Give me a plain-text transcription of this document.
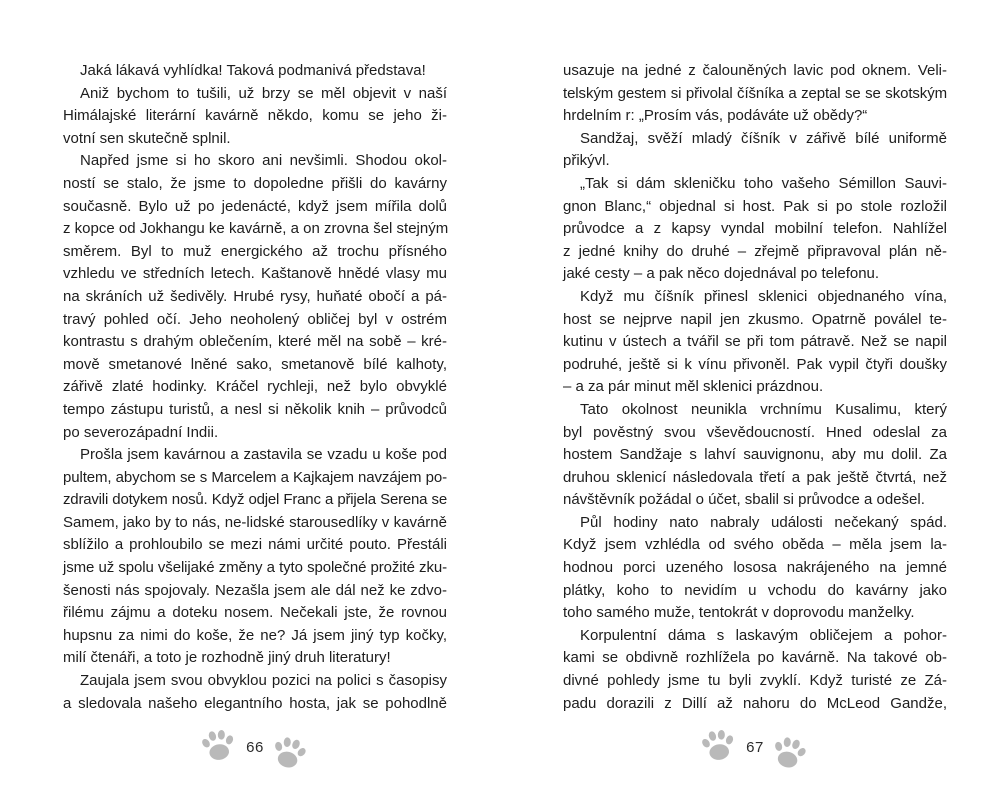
Jaká lákavá vyhlídka! Taková podmanivá představa!
Aniž bychom to tušili, už brzy se měl objevit v naší
Himálajské literární kavárně někdo, komu se jeho ži-
votní sen skutečně splnil.
Napřed jsme si ho skoro ani nevšimli. Shodou okol-
ností se stalo, že jsme to dopoledne přišli do kavárny
současně. Bylo už po jedenácté, když jsem mířila dolů
z kopce od Jokhangu ke kavárně, a on zrovna šel stejným
směrem. Byl to muž energického až trochu přísného
vzhledu ve středních letech. Kaštanově hnědé vlasy mu
na skráních už šedivěly. Hrubé rysy, huňaté obočí a pá-
travý pohled očí. Jeho neoholený obličej byl v ostrém
kontrastu s drahým oblečením, které měl na sobě – kré-
mově smetanové lněné sako, smetanově bílé kalhoty,
zářivě zlaté hodinky. Kráčel rychleji, než bylo obvyklé
tempo zástupu turistů, a nesl si několik knih – průvodců
po severozápadní Indii.
Prošla jsem kavárnou a zastavila se vzadu u koše pod
pultem, abychom se s Marcelem a Kajkajem navzájem po-
zdravili dotykem nosů. Když odjel Franc a přijela Serena se
Samem, jako by to nás, ne-lidské starousedlíky v kavárně
sblížilo a prohloubilo se mezi námi určité pouto. Přestáli
jsme už spolu všelijaké změny a tyto společné prožité zku-
šenosti nás spojovaly. Nezašla jsem ale dál než ke zdvo-
řilému zájmu a doteku nosem. Nečekali jste, že rovnou
hupsnu za nimi do koše, že ne? Já jsem jiný typ kočky,
milí čtenáři, a toto je rozhodně jiný druh literatury!
Zaujala jsem svou obvyklou pozici na polici s časopisy
a sledovala našeho elegantního hosta, jak se pohodlně
66
usazuje na jedné z čalouněných lavic pod oknem. Veli-
telským gestem si přivolal číšníka a zeptal se se skotským
hrdelním r: „Prosím vás, podáváte už obědy?“
Sandžaj, svěží mladý číšník v zářivě bílé uniformě
přikývl.
„Tak si dám skleničku toho vašeho Sémillon Sauvi-
gnon Blanc,“ objednal si host. Pak si po stole rozložil
průvodce a z kapsy vyndal mobilní telefon. Nahlížel
z jedné knihy do druhé – zřejmě připravoval plán ně-
jaké cesty – a pak něco dojednával po telefonu.
Když mu číšník přinesl sklenici objednaného vína,
host se nejprve napil jen zkusmo. Opatrně poválel te-
kutinu v ústech a tvářil se při tom pátravě. Než se napil
podruhé, ještě si k vínu přivoněl. Pak vypil čtyři doušky
– a za pár minut měl sklenici prázdnou.
Tato okolnost neunikla vrchnímu Kusalimu, který
byl pověstný svou vševědoucností. Hned odeslal za
hostem Sandžaje s lahví sauvignonu, aby mu dolil. Za
druhou sklenicí následovala třetí a pak ještě čtvrtá, než
návštěvník požádal o účet, sbalil si průvodce a odešel.
Půl hodiny nato nabraly události nečekaný spád.
Když jsem vzhlédla od svého oběda – měla jsem la-
hodnou porci uzeného lososa nakrájeného na jemné
plátky, koho to nevidím u vchodu do kavárny jako
toho samého muže, tentokrát v doprovodu manželky.
Korpulentní dáma s laskavým obličejem a pohor-
kami se obdivně rozhlížela po kavárně. Na takové ob-
divné pohledy jsme tu byli zvyklí. Když turisté ze Zá-
padu dorazili z Dillí až nahoru do McLeod Gandže,
67
